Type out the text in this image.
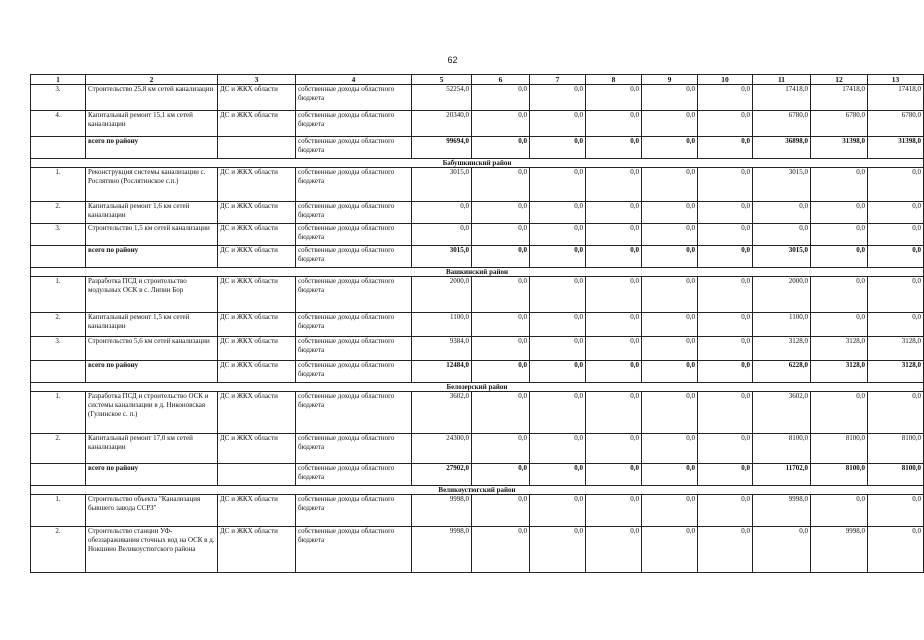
62
1	2	3	4	5	6	7	8	9	10	11	12	13
3.	Строительство 25,8 км сетей канализации	ДС и ЖКХ области	собственные доходы областного бюджета	52254,0	0,0	0,0	0,0	0,0	0,0	17418,0	17418,0	17418,0
4.	Капитальный ремонт 15,1 км сетей канализации	ДС и ЖКХ области	собственные доходы областного бюджета	20340,0	0,0	0,0	0,0	0,0	0,0	6780,0	6780,0	6780,0
	всего по району		собственные доходы областного бюджета	99694,0	0,0	0,0	0,0	0,0	0,0	36898,0	31398,0	31398,0
Бабушкинский район												
1.	Реконструкция системы канализации с. Рослятино (Рослятинское с.п.)	ДС и ЖКХ области	собственные доходы областного бюджета	3015,0	0,0	0,0	0,0	0,0	0,0	3015,0	0,0	0,0
2.	Капитальный ремонт 1,6 км сетей канализации	ДС и ЖКХ области	собственные доходы областного бюджета	0,0	0,0	0,0	0,0	0,0	0,0	0,0	0,0	0,0
3.	Строительство 1,5 км сетей канализации	ДС и ЖКХ области	собственные доходы областного бюджета	0,0	0,0	0,0	0,0	0,0	0,0	0,0	0,0	0,0
	всего по району	ДС и ЖКХ области	собственные доходы областного бюджета	3015,0	0,0	0,0	0,0	0,0	0,0	3015,0	0,0	0,0
Вашкинский район												
1.	Разработка ПСД и строительство модульных ОСК в с. Липин Бор	ДС и ЖКХ области	собственные доходы областного бюджета	2000,0	0,0	0,0	0,0	0,0	0,0	2000,0	0,0	0,0
2.	Капитальный ремонт 1,5 км сетей канализации	ДС и ЖКХ области	собственные доходы областного бюджета	1100,0	0,0	0,0	0,0	0,0	0,0	1100,0	0,0	0,0
3.	Строительство 5,6 км сетей канализации	ДС и ЖКХ области	собственные доходы областного бюджета	9384,0	0,0	0,0	0,0	0,0	0,0	3128,0	3128,0	3128,0
	всего по району	ДС и ЖКХ области	собственные доходы областного бюджета	12484,0	0,0	0,0	0,0	0,0	0,0	6228,0	3128,0	3128,0
Белозерский район												
1.	Разработка ПСД и строительство ОСК и системы канализации в д. Никоновская (Гулинское с. п.)	ДС и ЖКХ области	собственные доходы областного бюджета	3602,0	0,0	0,0	0,0	0,0	0,0	3602,0	0,0	0,0
2.	Капитальный ремонт 17,0 км сетей канализации	ДС и ЖКХ области	собственные доходы областного бюджета	24300,0	0,0	0,0	0,0	0,0	0,0	8100,0	8100,0	8100,0
	всего по району		собственные доходы областного бюджета	27902,0	0,0	0,0	0,0	0,0	0,0	11702,0	8100,0	8100,0
Великоустюгский район												
1.	Строительство объекта "Канализация бывшего завода ССРЗ"	ДС и ЖКХ области	собственные доходы областного бюджета	9998,0	0,0	0,0	0,0	0,0	0,0	9998,0	0,0	0,0
2.	Строительство станции УФ-обеззараживания сточных вод на ОСК в д. Нокшино Великоустюгского района	ДС и ЖКХ области	собственные доходы областного бюджета	9998,0	0,0	0,0	0,0	0,0	0,0	0,0	9998,0	0,0
